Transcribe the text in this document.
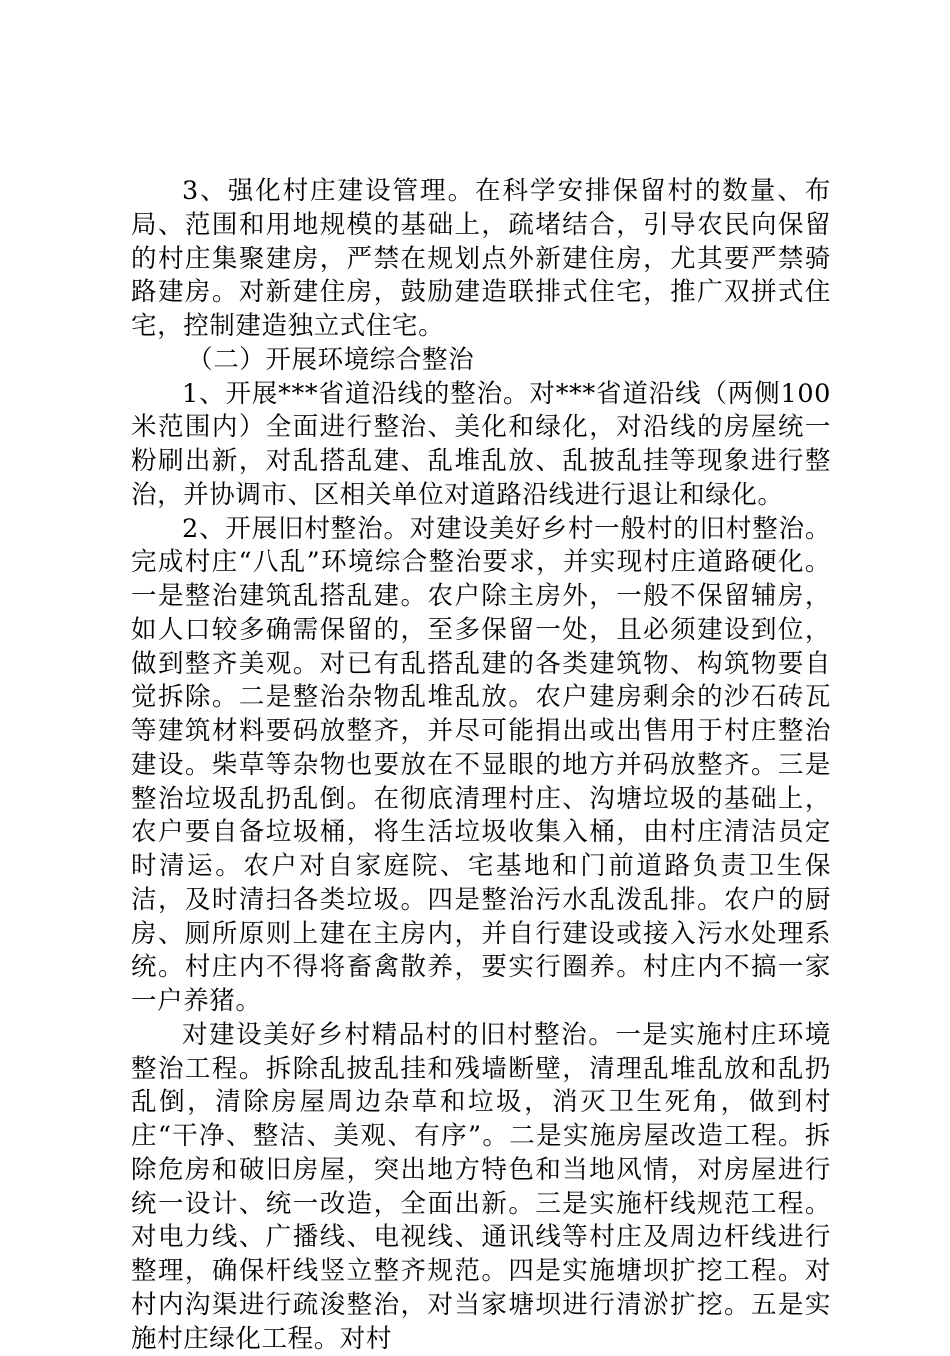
3、强化村庄建设管理。在科学安排保留村的数量、布局、范围和用地规模的基础上，疏堵结合，引导农民向保留的村庄集聚建房，严禁在规划点外新建住房，尤其要严禁骑路建房。对新建住房，鼓励建造联排式住宅，推广双拼式住宅，控制建造独立式住宅。

（二）开展环境综合整治

1、开展***省道沿线的整治。对***省道沿线（两侧100米范围内）全面进行整治、美化和绿化，对沿线的房屋统一粉刷出新，对乱搭乱建、乱堆乱放、乱披乱挂等现象进行整治，并协调市、区相关单位对道路沿线进行退让和绿化。

2、开展旧村整治。对建设美好乡村一般村的旧村整治。完成村庄“八乱”环境综合整治要求，并实现村庄道路硬化。一是整治建筑乱搭乱建。农户除主房外，一般不保留辅房，如人口较多确需保留的，至多保留一处，且必须建设到位，做到整齐美观。对已有乱搭乱建的各类建筑物、构筑物要自觉拆除。二是整治杂物乱堆乱放。农户建房剩余的沙石砖瓦等建筑材料要码放整齐，并尽可能捐出或出售用于村庄整治建设。柴草等杂物也要放在不显眼的地方并码放整齐。三是整治垃圾乱扔乱倒。在彻底清理村庄、沟塘垃圾的基础上，农户要自备垃圾桶，将生活垃圾收集入桶，由村庄清洁员定时清运。农户对自家庭院、宅基地和门前道路负责卫生保洁，及时清扫各类垃圾。四是整治污水乱泼乱排。农户的厨房、厕所原则上建在主房内，并自行建设或接入污水处理系统。村庄内不得将畜禽散养，要实行圈养。村庄内不搞一家一户养猪。

对建设美好乡村精品村的旧村整治。一是实施村庄环境整治工程。拆除乱披乱挂和残墙断壁，清理乱堆乱放和乱扔乱倒，清除房屋周边杂草和垃圾，消灭卫生死角，做到村庄“干净、整洁、美观、有序”。二是实施房屋改造工程。拆除危房和破旧房屋，突出地方特色和当地风情，对房屋进行统一设计、统一改造，全面出新。三是实施杆线规范工程。对电力线、广播线、电视线、通讯线等村庄及周边杆线进行整理，确保杆线竖立整齐规范。四是实施塘坝扩挖工程。对村内沟渠进行疏浚整治，对当家塘坝进行清淤扩挖。五是实施村庄绿化工程。对村
